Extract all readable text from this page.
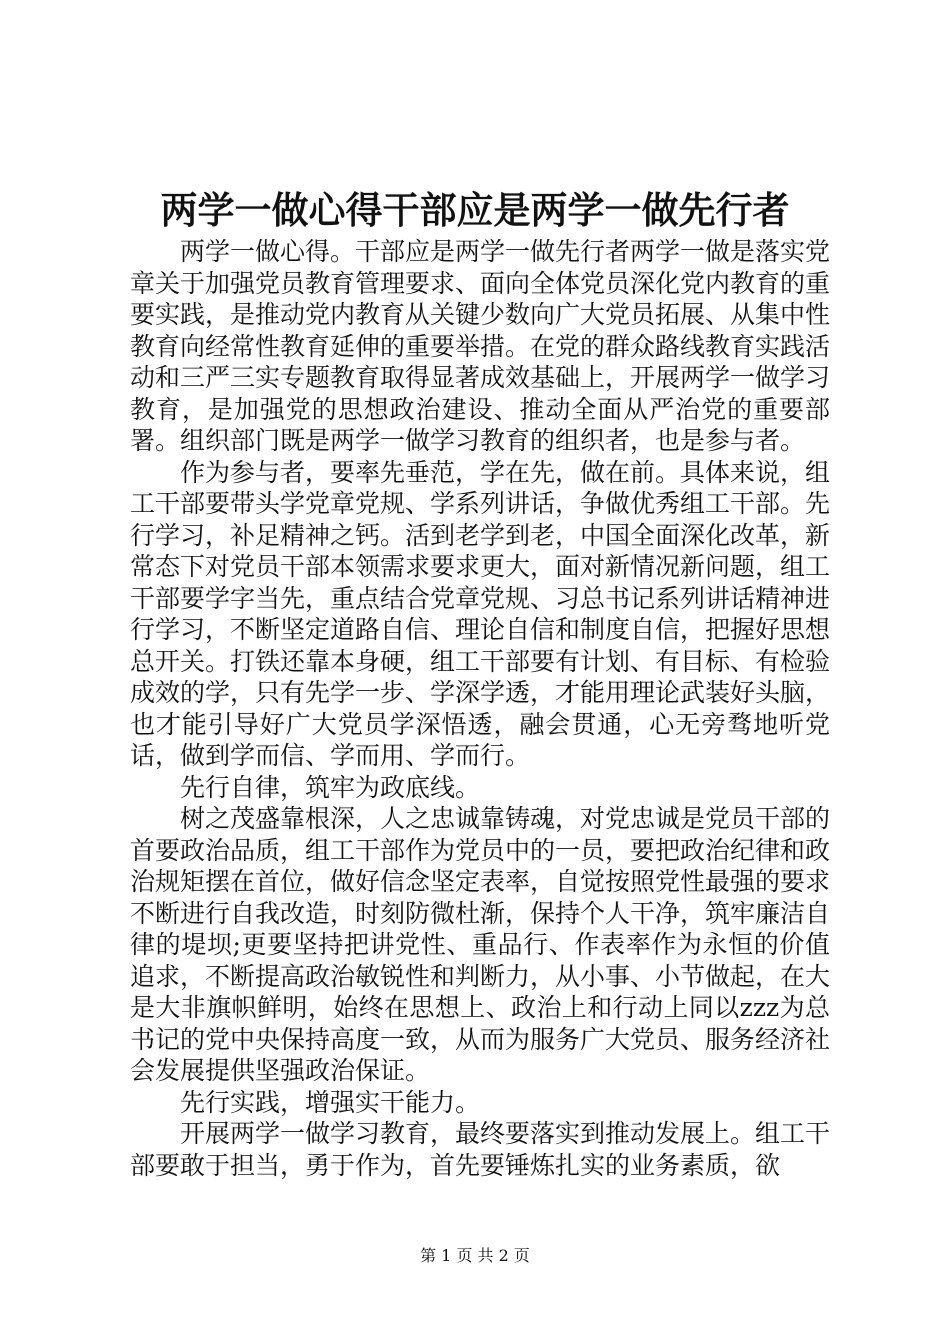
两学一做心得干部应是两学一做先行者

两学一做心得。干部应是两学一做先行者两学一做是落实党章关于加强党员教育管理要求、面向全体党员深化党内教育的重要实践，是推动党内教育从关键少数向广大党员拓展、从集中性教育向经常性教育延伸的重要举措。在党的群众路线教育实践活动和三严三实专题教育取得显著成效基础上，开展两学一做学习教育，是加强党的思想政治建设、推动全面从严治党的重要部署。组织部门既是两学一做学习教育的组织者，也是参与者。

作为参与者，要率先垂范，学在先，做在前。具体来说，组工干部要带头学党章党规、学系列讲话，争做优秀组工干部。先行学习，补足精神之钙。活到老学到老，中国全面深化改革，新常态下对党员干部本领需求要求更大，面对新情况新问题，组工干部要学字当先，重点结合党章党规、习总书记系列讲话精神进行学习，不断坚定道路自信、理论自信和制度自信，把握好思想总开关。打铁还靠本身硬，组工干部要有计划、有目标、有检验成效的学，只有先学一步、学深学透，才能用理论武装好头脑，也才能引导好广大党员学深悟透，融会贯通，心无旁骛地听党话，做到学而信、学而用、学而行。

先行自律，筑牢为政底线。

树之茂盛靠根深，人之忠诚靠铸魂，对党忠诚是党员干部的首要政治品质，组工干部作为党员中的一员，要把政治纪律和政治规矩摆在首位，做好信念坚定表率，自觉按照党性最强的要求不断进行自我改造，时刻防微杜渐，保持个人干净，筑牢廉洁自律的堤坝;更要坚持把讲党性、重品行、作表率作为永恒的价值追求，不断提高政治敏锐性和判断力，从小事、小节做起，在大是大非旗帜鲜明，始终在思想上、政治上和行动上同以zzz为总书记的党中央保持高度一致，从而为服务广大党员、服务经济社会发展提供坚强政治保证。

先行实践，增强实干能力。

开展两学一做学习教育，最终要落实到推动发展上。组工干部要敢于担当，勇于作为，首先要锤炼扎实的业务素质，欲

第 1 页 共 2 页
